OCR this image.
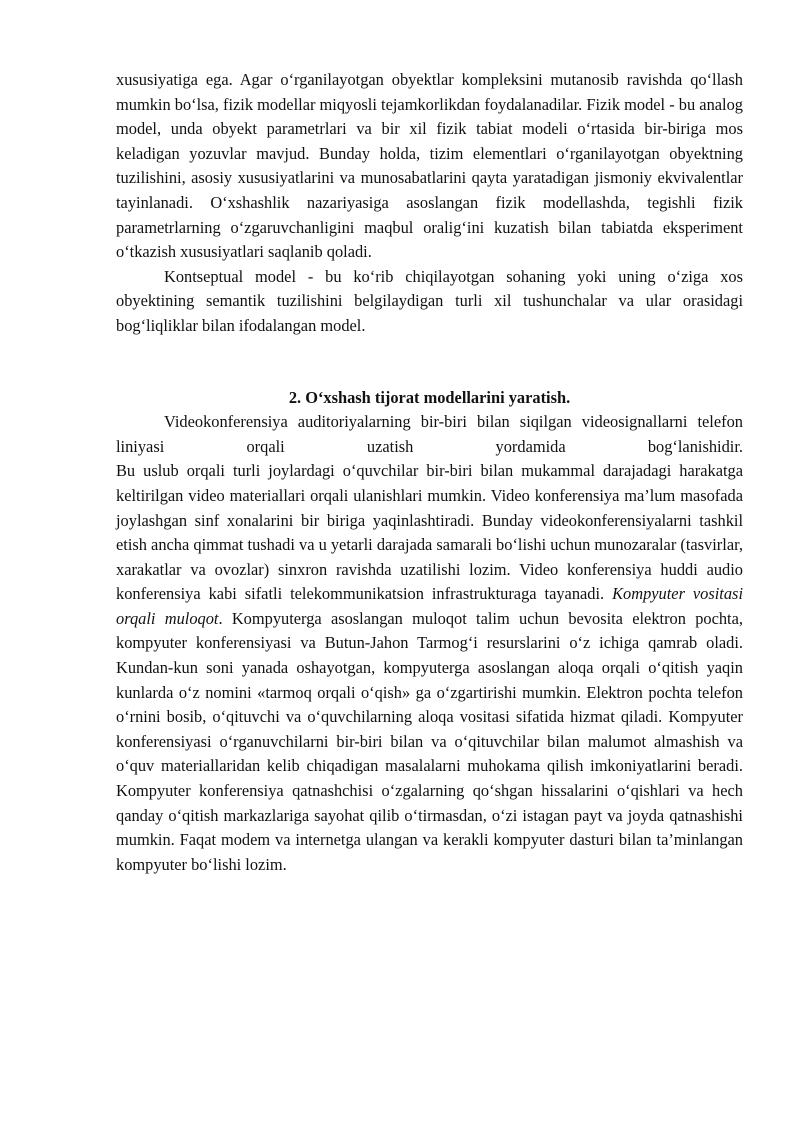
xususiyatiga ega. Agar o‘rganilayotgan obyektlar kompleksini mutanosib ravishda qo‘llash mumkin bo‘lsa, fizik modellar miqyosli tejamkorlikdan foydalanadilar. Fizik model - bu analog model, unda obyekt parametrlari va bir xil fizik tabiat modeli o‘rtasida bir-biriga mos keladigan yozuvlar mavjud. Bunday holda, tizim elementlari o‘rganilayotgan obyektning tuzilishini, asosiy xususiyatlarini va munosabatlarini qayta yaratadigan jismoniy ekvivalentlar tayinlanadi. O‘xshashlik nazariyasiga asoslangan fizik modellashda, tegishli fizik parametrlarning o‘zgaruvchanligini maqbul oralig‘ini kuzatish bilan tabiatda eksperiment o‘tkazish xususiyatlari saqlanib qoladi.

Kontseptual model - bu ko‘rib chiqilayotgan sohaning yoki uning o‘ziga xos obyektining semantik tuzilishini belgilaydigan turli xil tushunchalar va ular orasidagi bog‘liqliklar bilan ifodalangan model.

2. O‘xshash tijorat modellarini yaratish.

Videokonferensiya auditoriyalarning bir-biri bilan siqilgan videosignallarni telefon liniyasi orqali uzatish yordamida bog‘lanishidir.

Bu uslub orqali turli joylardagi o‘quvchilar bir-biri bilan mukammal darajadagi harakatga keltirilgan video materiallari orqali ulanishlari mumkin. Video konferensiya ma’lum masofada joylashgan sinf xonalarini bir biriga yaqinlashtiradi. Bunday videokonferensiyalarni tashkil etish ancha qimmat tushadi va u yetarli darajada samarali bo‘lishi uchun munozaralar (tasvirlar, xarakatlar va ovozlar) sinxron ravishda uzatilishi lozim. Video konferensiya huddi audio konferensiya kabi sifatli telekommunikatsion infrastrukturaga tayanadi. Kompyuter vositasi orqali muloqot. Kompyuterga asoslangan muloqot talim uchun bevosita elektron pochta, kompyuter konferensiyasi va Butun-Jahon Tarmog‘i resurslarini o‘z ichiga qamrab oladi. Kundan-kun soni yanada oshayotgan, kompyuterga asoslangan aloqa orqali o‘qitish yaqin kunlarda o‘z nomini «tarmoq orqali o‘qish» ga o‘zgartirishi mumkin. Elektron pochta telefon o‘rnini bosib, o‘qituvchi va o‘quvchilarning aloqa vositasi sifatida hizmat qiladi. Kompyuter konferensiyasi o‘rganuvchilarni bir-biri bilan va o‘qituvchilar bilan malumot almashish va o‘quv materiallaridan kelib chiqadigan masalalarni muhokama qilish imkoniyatlarini beradi. Kompyuter konferensiya qatnashchisi o‘zgalarning qo‘shgan hissalarini o‘qishlari va hech qanday o‘qitish markazlariga sayohat qilib o‘tirmasdan, o‘zi istagan payt va joyda qatnashishi mumkin. Faqat modem va internetga ulangan va kerakli kompyuter dasturi bilan ta’minlangan kompyuter bo‘lishi lozim.
